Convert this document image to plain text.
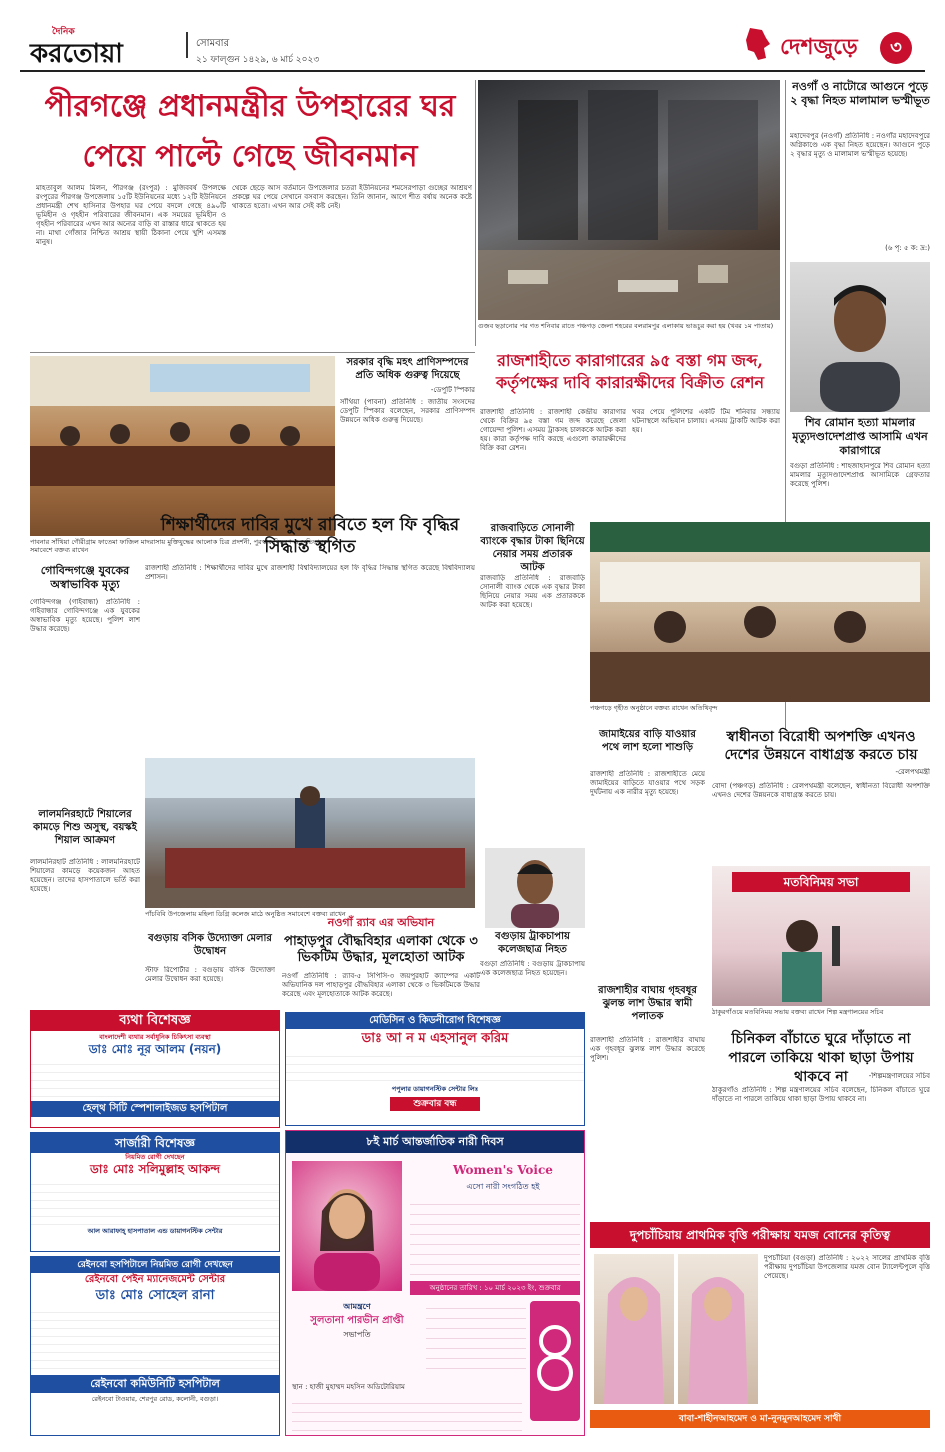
দৈনিক
করতোয়া	সোমবার
২১ ফাল্গুন ১৪২৯, ৬ মার্চ ২০২৩	দেশজুড়ে	৩
পীরগঞ্জে প্রধানমন্ত্রীর উপহারের ঘর
পেয়ে পাল্টে গেছে জীবনমান
মাহতাবুল আলম মিলন, পীরগঞ্জ (রংপুর) : মুজিববর্ষ উপলক্ষে রংপুরের পীরগঞ্জ উপজেলায় ১৫টি ইউনিয়নের মধ্যে ১২টি ইউনিয়নে প্রধানমন্ত্রী শেখ হাসিনার উপহার ঘর পেয়ে বদলে গেছে ৪৯০টি ভূমিহীন ও গৃহহীন পরিবারের জীবনমান। এক সময়ের ভূমিহীন ও গৃহহীন পরিবারের এখন আর অন্যের বাড়ি বা রাস্তার ধারে থাকতে হয় না। মাথা গোঁজার নিশ্চিত আশ্রয় স্থায়ী ঠিকানা পেয়ে খুশি এসমস্ত মানুষ।
থেকে ছেড়ে আস বর্তমানে উপজেলার চতরা ইউনিয়নের শমসেরপাড়া গুচ্ছের আশ্রয়ণ প্রকল্পে ঘর পেয়ে সেখানে বসবাস করছেন। তিনি জানান, আগে শীত বর্ষায় অনেক কষ্টে থাকতে হতো। এখন আর সেই কষ্ট নেই।
গুজব ছড়ানোর পর গত শনিবার রাতে পঞ্চগড় জেলা শহরের বলরামপুর এলাকায় ভাঙচুর করা হয় (খবর ১ম পাতায়)
নওগাঁ ও নাটোরে আগুনে পুড়ে ২ বৃদ্ধা নিহত মালামাল ভস্মীভূত
মহাদেবপুর (নওগাঁ) প্রতিনিধি : নওগাঁর মহাদেবপুরে অগ্নিকাণ্ডে এক বৃদ্ধা নিহত হয়েছেন। আগুনে পুড়ে ২ বৃদ্ধার মৃত্যু ও মালামাল ভস্মীভূত হয়েছে।
(৬ পৃ: ৫ ক: দ্র:)
রাজশাহীতে কারাগারের ৯৫ বস্তা গম জব্দ, কর্তৃপক্ষের দাবি কারারক্ষীদের বিক্রীত রেশন
রাজশাহী প্রতিনিধি : রাজশাহী কেন্দ্রীয় কারাগার থেকে বিক্রির ৯৫ বস্তা গম জব্দ করেছে জেলা গোয়েন্দা পুলিশ। এসময় ট্রাকসহ চালককে আটক করা হয়। কারা কর্তৃপক্ষ দাবি করছে এগুলো কারারক্ষীদের বিক্রি করা রেশন।
খবর পেয়ে পুলিশের একটি টিম শনিবার সন্ধ্যায় ঘটনাস্থলে অভিযান চালায়। এসময় ট্রাকটি আটক করা হয়।
শিব রোমান হত্যা মামলার মৃত্যুদণ্ডাদেশপ্রাপ্ত আসামি এখন কারাগারে
বগুড়া প্রতিনিধি : শাহজাহানপুরে শিব রোমান হত্যা মামলার মৃত্যুদণ্ডাদেশপ্রাপ্ত আসামিকে গ্রেফতার করেছে পুলিশ।
পাবনার সাঁথিয়া গৌরীগ্রাম ফাতেমা ফাজিল মাদরাসায় মুক্তিযুদ্ধের আলোক চিত্র প্রদর্শনী, পুরস্কার বিতরণ ও অভিভাবক সমাবেশে বক্তব্য রাখেন
সরকার বৃদ্ধি মহৎ প্রাণিসম্পদের প্রতি অধিক গুরুত্ব দিয়েছে
-ডেপুটি স্পিকার
সাঁথিয়া (পাবনা) প্রতিনিধি : জাতীয় সংসদের ডেপুটি স্পিকার বলেছেন, সরকার প্রাণিসম্পদ উন্নয়নে অধিক গুরুত্ব দিয়েছে।
পঞ্চগড়ে গৃহীত অনুষ্ঠানে বক্তব্য রাখেন অতিথিবৃন্দ
রাজবাড়িতে সোনালী ব্যাংকে বৃদ্ধার টাকা ছিনিয়ে নেয়ার সময় প্রতারক আটক
রাজবাড়ি প্রতিনিধি : রাজবাড়ি সোনালী ব্যাংক থেকে এক বৃদ্ধার টাকা ছিনিয়ে নেয়ার সময় এক প্রতারককে আটক করা হয়েছে।
গোবিন্দগঞ্জে যুবকের অস্বাভাবিক মৃত্যু
গোবিন্দগঞ্জ (গাইবান্ধা) প্রতিনিধি : গাইবান্ধার গোবিন্দগঞ্জে এক যুবকের অস্বাভাবিক মৃত্যু হয়েছে। পুলিশ লাশ উদ্ধার করেছে।
শিক্ষার্থীদের দাবির মুখে রাবিতে হল ফি বৃদ্ধির সিদ্ধান্ত স্থগিত
রাজশাহী প্রতিনিধি : শিক্ষার্থীদের দাবির মুখে রাজশাহী বিশ্ববিদ্যালয়ের হল ফি বৃদ্ধির সিদ্ধান্ত স্থগিত করেছে বিশ্ববিদ্যালয় প্রশাসন।
পাঁচবিবি উপজেলায় মহিলা ডিগ্রি কলেজ মাঠে অনুষ্ঠিত সমাবেশে বক্তব্য রাখেন
লালমনিরহাটে শিয়ালের কামড়ে শিশু অসুস্থ, বয়স্কই শিয়াল আক্রমণ
লালমনিরহাট প্রতিনিধি : লালমনিরহাটে শিয়ালের কামড়ে কয়েকজন আহত হয়েছেন। তাদের হাসপাতালে ভর্তি করা হয়েছে।
বগুড়ায় বসিক উদ্যোক্তা মেলার উদ্বোধন
স্টাফ রিপোর্টার : বগুড়ায় বসিক উদ্যোক্তা মেলার উদ্বোধন করা হয়েছে।
নওগাঁ র‍্যাব এর অভিযান
পাহাড়পুর বৌদ্ধবিহার এলাকা থেকে ৩ ভিকটিম উদ্ধার, মূলহোতা আটক
নওগাঁ প্রতিনিধি : র‍্যাব-৫ সিপিসি-৩ জয়পুরহাট ক্যাম্পের একটি অভিযানিক দল পাহাড়পুর বৌদ্ধবিহার এলাকা থেকে ৩ ভিকটিমকে উদ্ধার করেছে এবং মূলহোতাকে আটক করেছে।
জামাইয়ের বাড়ি যাওয়ার পথে লাশ হলো শাশুড়ি
রাজশাহী প্রতিনিধি : রাজশাহীতে মেয়ে জামাইয়ের বাড়িতে যাওয়ার পথে সড়ক দুর্ঘটনায় এক নারীর মৃত্যু হয়েছে।
স্বাধীনতা বিরোধী অপশক্তি এখনও দেশের উন্নয়নে বাধাগ্রস্ত করতে চায়
-রেলপথমন্ত্রী
বোদা (পঞ্চগড়) প্রতিনিধি : রেলপথমন্ত্রী বলেছেন, স্বাধীনতা বিরোধী অপশক্তি এখনও দেশের উন্নয়নকে বাধাগ্রস্ত করতে চায়।
বগুড়ায় ট্রাকচাপায় কলেজছাত্র নিহত
বগুড়া প্রতিনিধি : বগুড়ায় ট্রাকচাপায় এক কলেজছাত্র নিহত হয়েছেন।
রাজশাহীর বাঘায় গৃহবধূর ঝুলন্ত লাশ উদ্ধার স্বামী পলাতক
রাজশাহী প্রতিনিধি : রাজশাহীর বাঘায় এক গৃহবধূর ঝুলন্ত লাশ উদ্ধার করেছে পুলিশ।
মতবিনিময় সভা
ঠাকুরগাঁওয়ে মতবিনিময় সভায় বক্তব্য রাখেন শিল্প মন্ত্রণালয়ের সচিব
চিনিকল বাঁচাতে ঘুরে দাঁড়াতে না পারলে তাকিয়ে থাকা ছাড়া উপায় থাকবে না	-শিল্পমন্ত্রণালয়ের সচিব
ঠাকুরগাঁও প্রতিনিধি : শিল্প মন্ত্রণালয়ের সচিব বলেছেন, চিনিকল বাঁচাতে ঘুরে দাঁড়াতে না পারলে তাকিয়ে থাকা ছাড়া উপায় থাকবে না।
ব্যথা বিশেষজ্ঞ
বাংলাদেশী ব্যথার সর্বাধুনিক চিকিৎসা ব্যবস্থা
ডাঃ মোঃ নূর আলম (নয়ন)
হেল্থ সিটি স্পেশালাইজড হসপিটাল
সার্জারী বিশেষজ্ঞ
নিয়মিত রোগী দেখছেন
ডাঃ মোঃ সলিমুল্লাহ আকন্দ
আল আরাফাহ্ হাসপাতাল এন্ড ডায়াগনস্টিক সেন্টার
রেইনবো হসপিটালে নিয়মিত রোগী দেখছেন
রেইনবো পেইন ম্যানেজমেন্ট সেন্টার
ডাঃ মোঃ সোহেল রানা
রেইনবো কমিউনিটি হসপিটাল
রেইনবো টাওয়ার, শেরপুর রোড, কলোনী, বগুড়া।
মেডিসিন ও কিডনীরোগ বিশেষজ্ঞ
ডাঃ আ ন ম এহসানুল করিম
পপুলার ডায়াগনস্টিক সেন্টার লিঃ
শুক্রবার বন্ধ
৮ই মার্চ আন্তর্জাতিক নারী দিবস
Women's Voice
এসো নারী সংগঠিত হই
অনুষ্ঠানের তারিখ : ১০ মার্চ ২০২৩ ইং, শুক্রবার
আমন্ত্রণে
সুলতানা পারভীন প্রাপ্তী
সভাপতি
স্থান : হাজী মুহাম্মদ মহসিন অডিটোরিয়াম
দুপচাঁচিয়ায় প্রাথমিক বৃত্তি পরীক্ষায় যমজ বোনের কৃতিত্ব
দুপচাঁচিয়া (বগুড়া) প্রতিনিধি : ২০২২ সালের প্রাথমিক বৃত্তি পরীক্ষায় দুপচাঁচিয়া উপজেলার যমজ বোন ট্যালেন্টপুলে বৃত্তি পেয়েছে।
বাবা-শাহীনআহমেদ ও মা-নুনমুনআহমেদ সাথী
